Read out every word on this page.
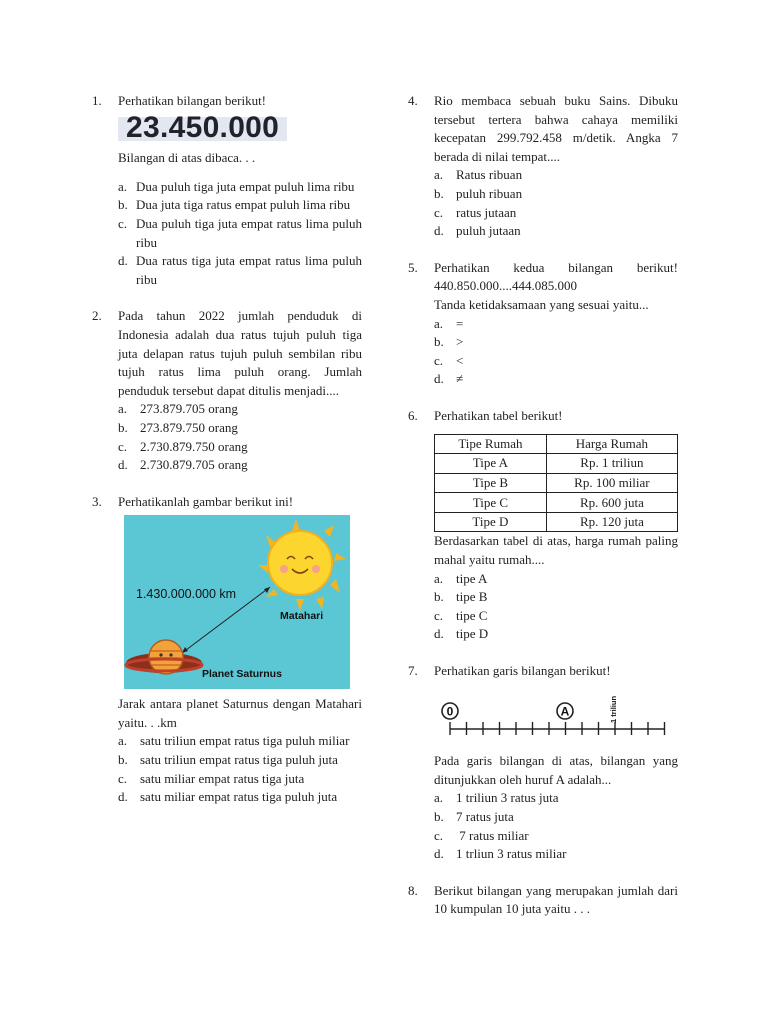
1. Perhatikan bilangan berikut!
23.450.000
Bilangan di atas dibaca. . .
a. Dua puluh tiga juta empat puluh lima ribu
b. Dua juta tiga ratus empat puluh lima ribu
c. Dua puluh tiga juta empat ratus lima puluh ribu
d. Dua ratus tiga juta empat ratus lima puluh ribu
2. Pada tahun 2022 jumlah penduduk di Indonesia adalah dua ratus tujuh puluh tiga juta delapan ratus tujuh puluh sembilan ribu tujuh ratus lima puluh orang. Jumlah penduduk tersebut dapat ditulis menjadi....
a. 273.879.705 orang
b. 273.879.750 orang
c. 2.730.879.750 orang
d. 2.730.879.705 orang
3. Perhatikanlah gambar berikut ini!
1.430.000.000 km
Matahari
Planet Saturnus
Jarak antara planet Saturnus dengan Matahari yaitu. . .km
a. satu triliun empat ratus tiga puluh miliar
b. satu triliun empat ratus tiga puluh juta
c. satu miliar empat ratus tiga juta
d. satu miliar empat ratus tiga puluh juta
4. Rio membaca sebuah buku Sains. Dibuku tersebut tertera bahwa cahaya memiliki kecepatan 299.792.458 m/detik. Angka 7 berada di nilai tempat....
a. Ratus ribuan
b. puluh ribuan
c. ratus jutaan
d. puluh jutaan
5. Perhatikan kedua bilangan berikut!
440.850.000....444.085.000
Tanda ketidaksamaan yang sesuai yaitu...
a. =
b. >
c. <
d. ≠
6. Perhatikan tabel berikut!
Tipe Rumah	Harga Rumah
Tipe A	Rp. 1 triliun
Tipe B	Rp. 100 miliar
Tipe C	Rp. 600 juta
Tipe D	Rp. 120 juta
Berdasarkan tabel di atas, harga rumah paling mahal yaitu rumah....
a. tipe A
b. tipe B
c. tipe C
d. tipe D
7. Perhatikan garis bilangan berikut!
0	A	1 triliun
Pada garis bilangan di atas, bilangan yang ditunjukkan oleh huruf A adalah...
a. 1 triliun 3 ratus juta
b. 7 ratus juta
c. 7 ratus miliar
d. 1 trliun 3 ratus miliar
8. Berikut bilangan yang merupakan jumlah dari 10 kumpulan 10 juta yaitu . . .
